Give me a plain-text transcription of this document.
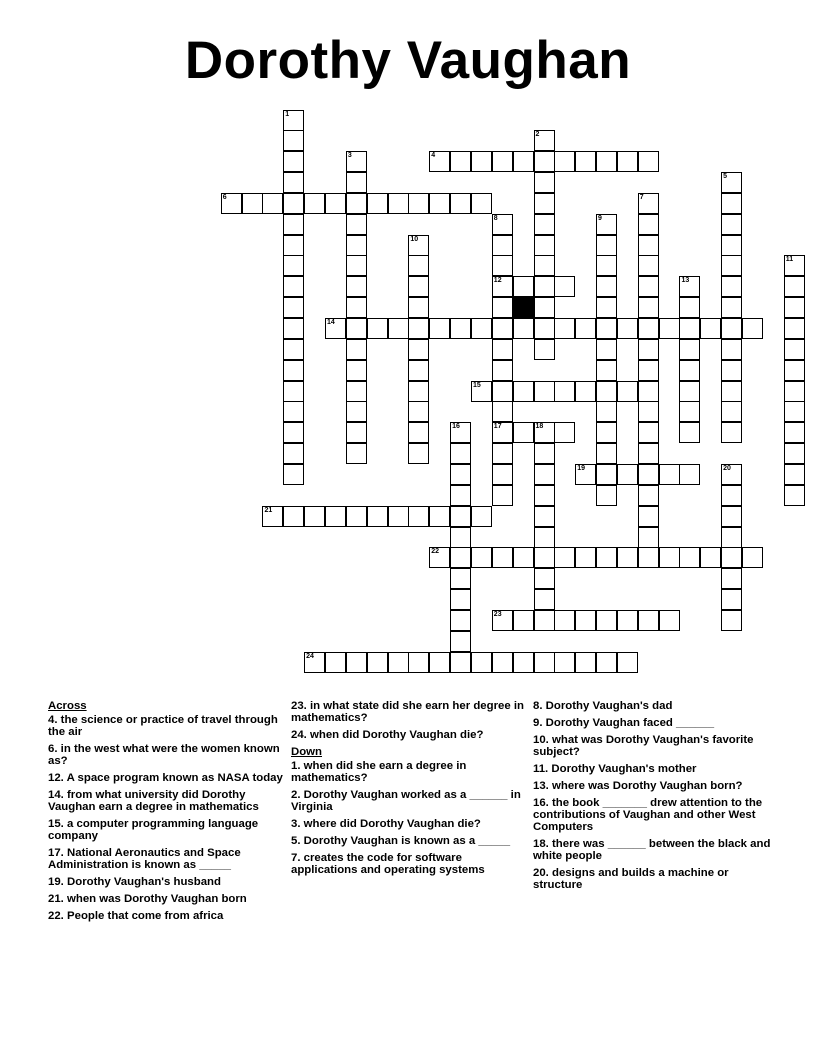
Dorothy Vaughan
1
2
3	4
5
6	7
8
12
17
9
10
11
13
14
15
16	18
19	20
21
22
23
24
Across
4. the science or practice of travel through the air
6. in the west what were the women known as?
12. A space program known as NASA today
14. from what university did Dorothy Vaughan earn a degree in mathematics
15. a computer programming language company
17. National Aeronautics and Space Administration is known as _____
19. Dorothy Vaughan's husband
21. when was Dorothy Vaughan born
22. People that come from africa
23. in what state did she earn her degree in mathematics?
24. when did Dorothy Vaughan die?
Down
1. when did she earn a degree in mathematics?
2. Dorothy Vaughan worked as a ______ in Virginia
3. where did Dorothy Vaughan die?
5. Dorothy Vaughan is known as a _____
7. creates the code for software applications and operating systems
8. Dorothy Vaughan's dad
9. Dorothy Vaughan faced ______
10. what was Dorothy Vaughan's favorite subject?
11. Dorothy Vaughan's mother
13. where was Dorothy Vaughan born?
16. the book _______ drew attention to the contributions of Vaughan and other West Computers
18. there was ______ between the black and white people
20. designs and builds a machine or structure
